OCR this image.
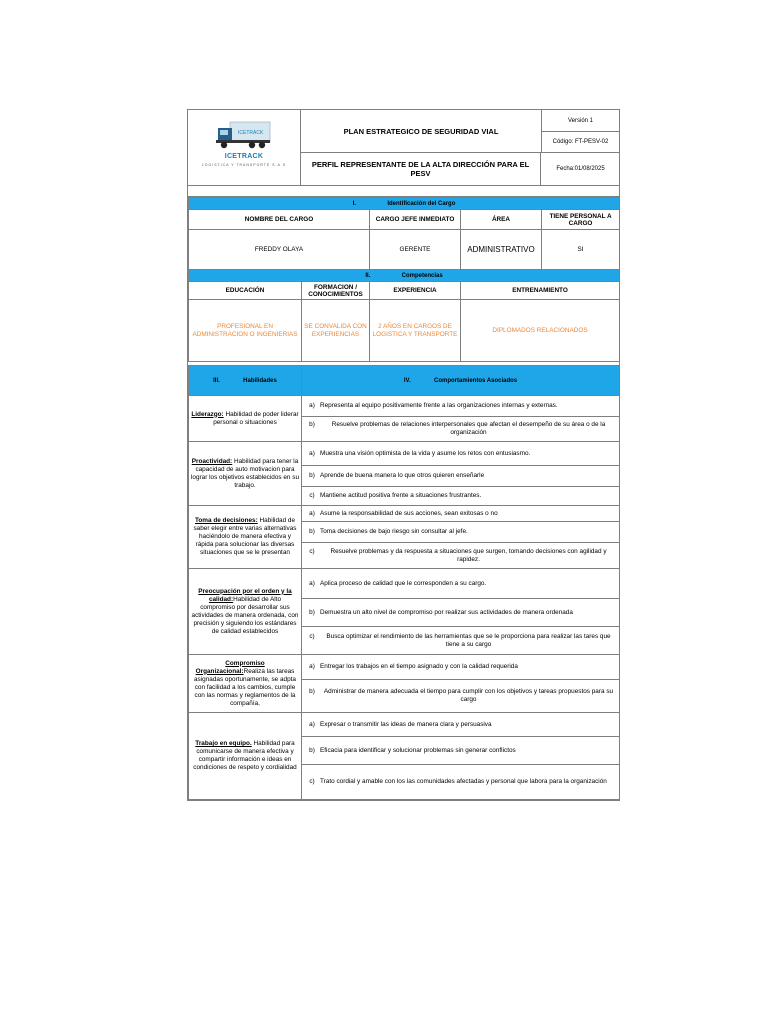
ICETRACK
ICETRACK
LOGISTICA Y TRANSPORTE S.A.S
PLAN ESTRATEGICO DE SEGURIDAD VIAL
PERFIL REPRESENTANTE DE LA ALTA DIRECCIÓN PARA EL PESV
Versión 1
Código: FT-PESV-02
Fecha:01/08/2025
I. Identificación del Cargo			
NOMBRE DEL CARGO	CARGO JEFE INMEDIATO	ÁREA	TIENE PERSONAL A CARGO
FREDDY OLAYA	GERENTE	ADMINISTRATIVO	SI
II. Competencias			
EDUCACIÓN	FORMACION / CONOCIMIENTOS	EXPERIENCIA	ENTRENAMIENTO
PROFESIONAL EN ADMINISTRACION O INGENIERIAS	SE CONVALIDA CON EXPERIENCIAS	2 AÑOS EN CARGOS DE LOGISTICA Y TRANSPORTE	DIPLOMADOS RELACIONADOS
III. Habilidades	IV. Comportamientos Asociados
Liderazgo: Habilidad de poder liderar personal o situaciones	a) Representa al equipo positivamente frente a las organizaciones internas y externas.

	b) Resuelve problemas de relaciones interpersonales que afectan el desempeño de su área o de la organización

Proactividad: Habilidad para tener la capacidad de auto motivacion para lograr los objetivos establecidos en su trabajo.	a) Muestra una visión optimista de la vida y asume los retos con entusiasmo.

	b) Aprende de buena manera lo que otros quieren enseñarle

	c) Mantiene actitud positiva frente a situaciones frustrantes.

Toma de decisiones: Habilidad de saber elegir entre varias alternativas haciéndolo de manera efectiva y rápida para solucionar las diversas situaciones que se le presentan	a) Asume la responsabilidad de sus acciones, sean exitosas o no

	b) Toma decisiones de bajo riesgo sin consultar al jefe.

	c) Resuelve problemas y da respuesta a situaciones que surgen, tomando decisiones con agilidad y rapidez.

Preocupación por el orden y la calidad:Habilidad de Alto compromiso por desarrollar sus actividades de manera ordenada, con precisión y siguiendo los estándares de calidad establecidos	a) Aplica proceso de calidad que le corresponden a su cargo.

	b) Demuestra un alto nivel de compromiso por realizar sus actividades de manera ordenada

	c) Busca optimizar el rendimiento de las herramientas que se le proporciona para realizar las tares que tiene a su cargo

Compromiso Organizacional:Realiza las tareas asignadas oportunamente, se adpta con facilidad a los cambios, cumple con las normas y reglamentos de la compañía,	a) Entregar los trabajos en el tiempo asignado y con la calidad requerida

	b) Administrar de manera adecuada el tiempo para cumplir con los objetivos y tareas propuestos para su cargo

Trabajo en equipo. Habilidad para comunicarse de manera efectiva y compartir información e ideas en condiciones de respeto y cordialidad	a) Expresar o transmitir las ideas de manera clara y persuasiva

	b) Eficacia para identificar y solucionar problemas sin generar conflictos

	c) Trato cordial y amable con los las comunidades afectadas y personal que labora para la organización
